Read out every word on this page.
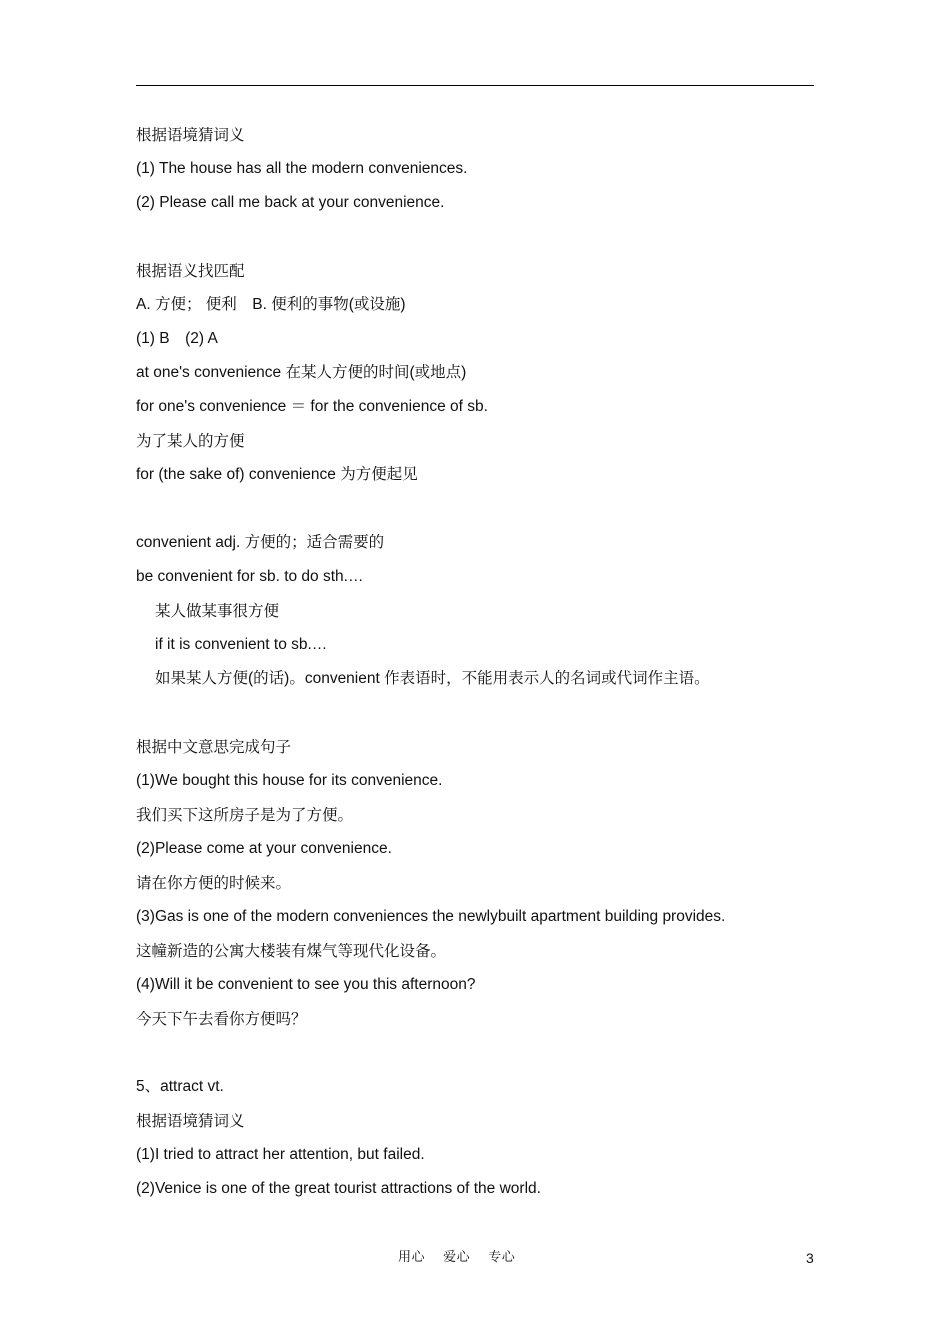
根据语境猜词义
(1) The house has all the modern conveniences.
(2) Please call me back at your convenience.
根据语义找匹配
A. 方便； 便利　B. 便利的事物(或设施)
(1) B　(2) A
at one's convenience 在某人方便的时间(或地点)
for one's convenience ＝ for the convenience of sb.
为了某人的方便
for (the sake of) convenience 为方便起见
convenient adj. 方便的；适合需要的
be convenient for sb. to do sth.…
某人做某事很方便
if it is convenient to sb.…
如果某人方便(的话)。convenient 作表语时，不能用表示人的名词或代词作主语。
根据中文意思完成句子
(1)We bought this house for its convenience.
我们买下这所房子是为了方便。
(2)Please come at your convenience.
请在你方便的时候来。
(3)Gas is one of the modern conveniences the newlybuilt apartment building provides.
这幢新造的公寓大楼装有煤气等现代化设备。
(4)Will it be convenient to see you this afternoon?
今天下午去看你方便吗？
5、attract vt.
根据语境猜词义
(1)I tried to attract her attention, but failed.
(2)Venice is one of the great tourist attractions of the world.
用心　 爱心　 专心	3
